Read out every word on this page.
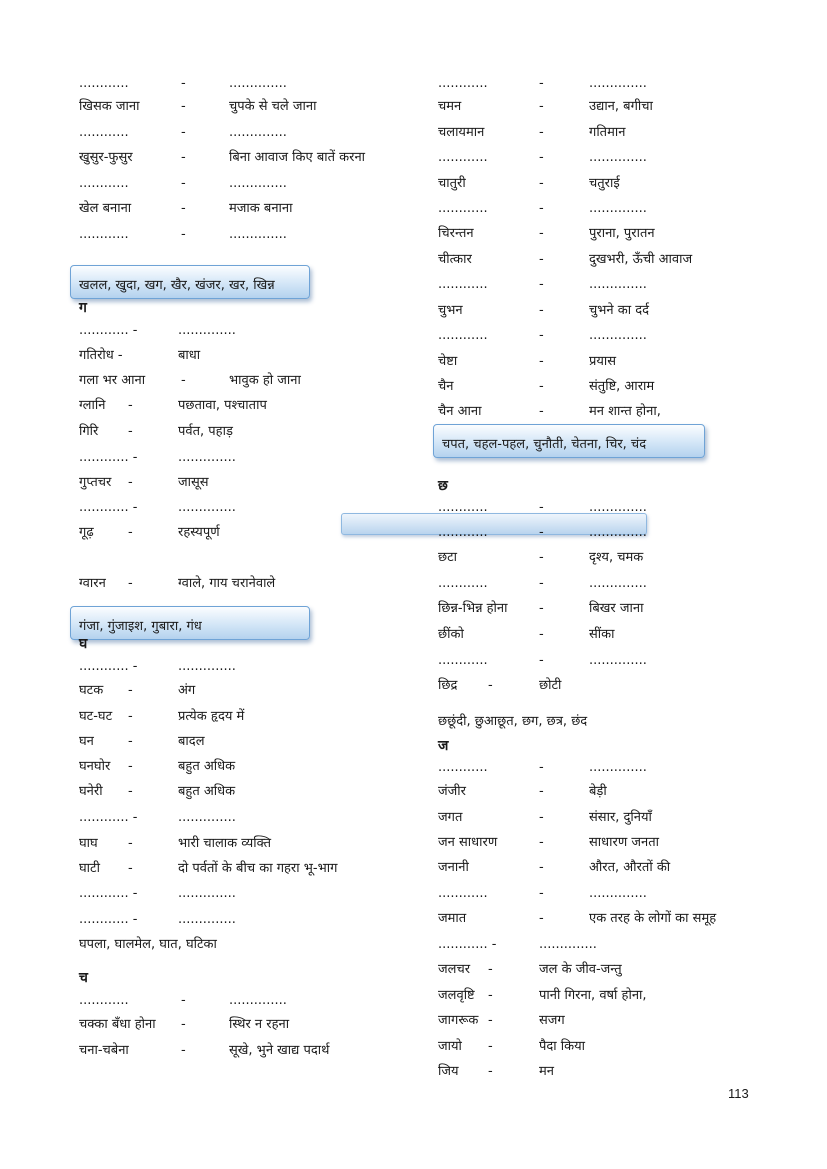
............	-	..............
खिसक जाना	-	चुपके से चले जाना
............	-	..............
खुसुर-फुसुर	-	बिना आवाज किए बातें करना
............	-	..............
खेल बनाना	-	मजाक बनाना
............	-	..............
खलल, खुदा, खग, खैर, खंजर, खर, खिन्न
ग
............ -	..............
गतिरोध -	बाधा
गला भर आना	-	भावुक हो जाना
ग्लानि -	पछतावा, पश्चाताप
गिरि -	पर्वत, पहाड़
............ -	..............
गुप्तचर -	जासूस
............ -	..............
गूढ़	-	रहस्यपूर्ण
ग्वारन -	ग्वाले, गाय चरानेवाले
गंजा, गुंजाइश, गुबारा, गंध
घ
............ -	..............
घटक -	अंग
घट-घट -	प्रत्येक हृदय में
घन	-	बादल
घनघोर -	बहुत अधिक
घनेरी -	बहुत अधिक
............ -	..............
घाघ -	भारी चालाक व्यक्ति
घाटी -	दो पर्वतों के बीच का गहरा भू-भाग
............ -	..............
............ -	..............
घपला, घालमेल, घात, घटिका
च
............	-	..............
चक्का बँधा होना -	स्थिर न रहना
चना-चबेना	-	सूखे, भुने खाद्य पदार्थ
............	-	..............
चमन	-	उद्यान, बगीचा
चलायमान	-	गतिमान
............	-	..............
चातुरी	-	चतुराई
............	-	..............
चिरन्तन	-	पुराना, पुरातन
चीत्कार	-	दुखभरी, ऊँची आवाज
............	-	..............
चुभन	-	चुभने का दर्द
............	-	..............
चेष्टा	-	प्रयास
चैन	-	संतुष्टि, आराम
चैन आना	-	मन शान्त होना,
चपत, चहल-पहल, चुनौती, चेतना, चिर, चंद
छ
............	-	..............
............	-	..............
छटा	-	दृश्य, चमक
............	-	..............
छिन्न-भिन्न होना -	बिखर जाना
छींको	-	सींका
............	-	..............
छिद्र -	छोटी
छछूंदी, छुआछूत, छग, छत्र, छंद
ज
............	-	..............
जंजीर	-	बेड़ी
जगत	-	संसार, दुनियाँ
जन साधारण	-	साधारण जनता
जनानी	-	औरत, औरतों की
............	-	..............
जमात	-	एक तरह के लोगों का समूह
............ -	..............
जलचर -	जल के जीव-जन्तु
जलवृष्टि -	पानी गिरना, वर्षा होना,
जागरूक -	सजग
जायो -	पैदा किया
जिय -	मन
113
